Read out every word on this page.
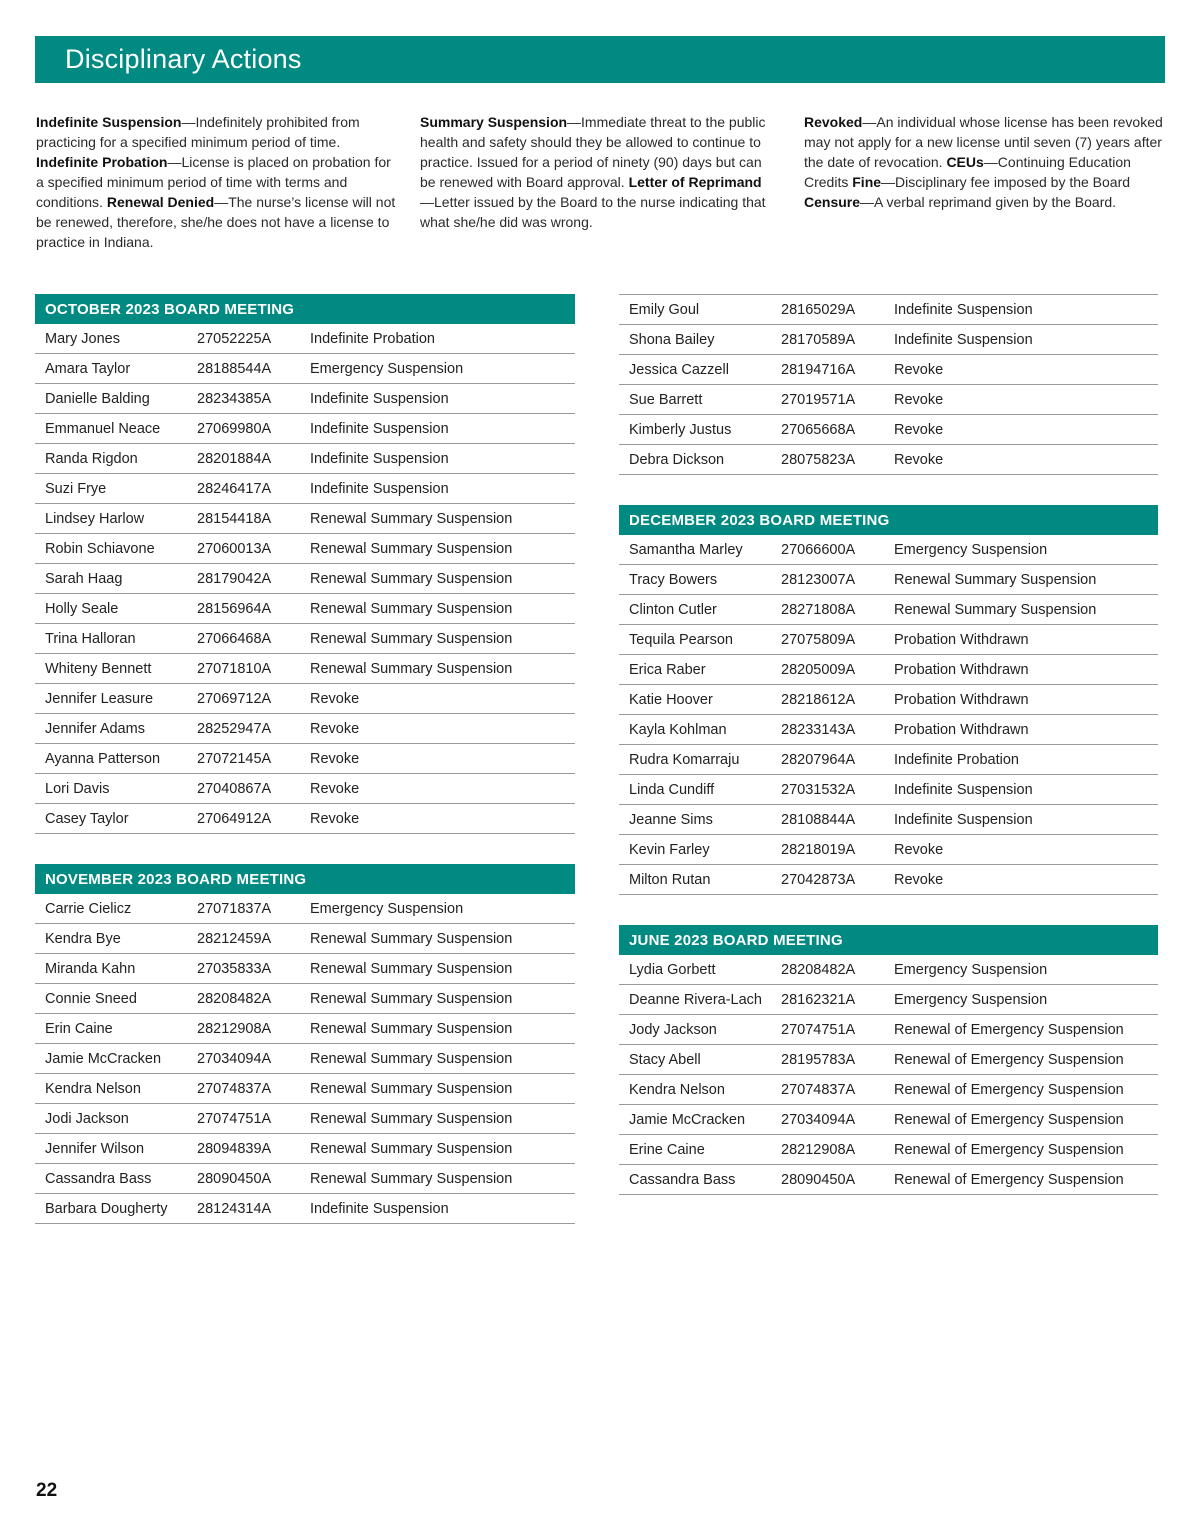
Disciplinary Actions

Indefinite Suspension—Indefinitely prohibited from practicing for a specified minimum period of time. Indefinite Probation—License is placed on probation for a specified minimum period of time with terms and conditions. Renewal Denied—The nurse’s license will not be renewed, therefore, she/he does not have a license to practice in Indiana.

Summary Suspension—Immediate threat to the public health and safety should they be allowed to continue to practice. Issued for a period of ninety (90) days but can be renewed with Board approval. Letter of Reprimand—Letter issued by the Board to the nurse indicating that what she/he did was wrong.

Revoked—An individual whose license has been revoked may not apply for a new license until seven (7) years after the date of revocation. CEUs—Continuing Education Credits Fine—Disciplinary fee imposed by the Board Censure—A verbal reprimand given by the Board.

OCTOBER 2023 BOARD MEETING
Mary Jones	27052225A	Indefinite Probation
Amara Taylor	28188544A	Emergency Suspension
Danielle Balding	28234385A	Indefinite Suspension
Emmanuel Neace	27069980A	Indefinite Suspension
Randa Rigdon	28201884A	Indefinite Suspension
Suzi Frye	28246417A	Indefinite Suspension
Lindsey Harlow	28154418A	Renewal Summary Suspension
Robin Schiavone	27060013A	Renewal Summary Suspension
Sarah Haag	28179042A	Renewal Summary Suspension
Holly Seale	28156964A	Renewal Summary Suspension
Trina Halloran	27066468A	Renewal Summary Suspension
Whiteny Bennett	27071810A	Renewal Summary Suspension
Jennifer Leasure	27069712A	Revoke
Jennifer Adams	28252947A	Revoke
Ayanna Patterson	27072145A	Revoke
Lori Davis	27040867A	Revoke
Casey Taylor	27064912A	Revoke
NOVEMBER 2023 BOARD MEETING
Carrie Cielicz	27071837A	Emergency Suspension
Kendra Bye	28212459A	Renewal Summary Suspension
Miranda Kahn	27035833A	Renewal Summary Suspension
Connie Sneed	28208482A	Renewal Summary Suspension
Erin Caine	28212908A	Renewal Summary Suspension
Jamie McCracken	27034094A	Renewal Summary Suspension
Kendra Nelson	27074837A	Renewal Summary Suspension
Jodi Jackson	27074751A	Renewal Summary Suspension
Jennifer Wilson	28094839A	Renewal Summary Suspension
Cassandra Bass	28090450A	Renewal Summary Suspension
Barbara Dougherty	28124314A	Indefinite Suspension
Emily Goul	28165029A	Indefinite Suspension
Shona Bailey	28170589A	Indefinite Suspension
Jessica Cazzell	28194716A	Revoke
Sue Barrett	27019571A	Revoke
Kimberly Justus	27065668A	Revoke
Debra Dickson	28075823A	Revoke
DECEMBER 2023 BOARD MEETING
Samantha Marley	27066600A	Emergency Suspension
Tracy Bowers	28123007A	Renewal Summary Suspension
Clinton Cutler	28271808A	Renewal Summary Suspension
Tequila Pearson	27075809A	Probation Withdrawn
Erica Raber	28205009A	Probation Withdrawn
Katie Hoover	28218612A	Probation Withdrawn
Kayla Kohlman	28233143A	Probation Withdrawn
Rudra Komarraju	28207964A	Indefinite Probation
Linda Cundiff	27031532A	Indefinite Suspension
Jeanne Sims	28108844A	Indefinite Suspension
Kevin Farley	28218019A	Revoke
Milton Rutan	27042873A	Revoke
JUNE 2023 BOARD MEETING
Lydia Gorbett	28208482A	Emergency Suspension
Deanne Rivera-Lach	28162321A	Emergency Suspension
Jody Jackson	27074751A	Renewal of Emergency Suspension
Stacy Abell	28195783A	Renewal of Emergency Suspension
Kendra Nelson	27074837A	Renewal of Emergency Suspension
Jamie McCracken	27034094A	Renewal of Emergency Suspension
Erine Caine	28212908A	Renewal of Emergency Suspension
Cassandra Bass	28090450A	Renewal of Emergency Suspension
22
